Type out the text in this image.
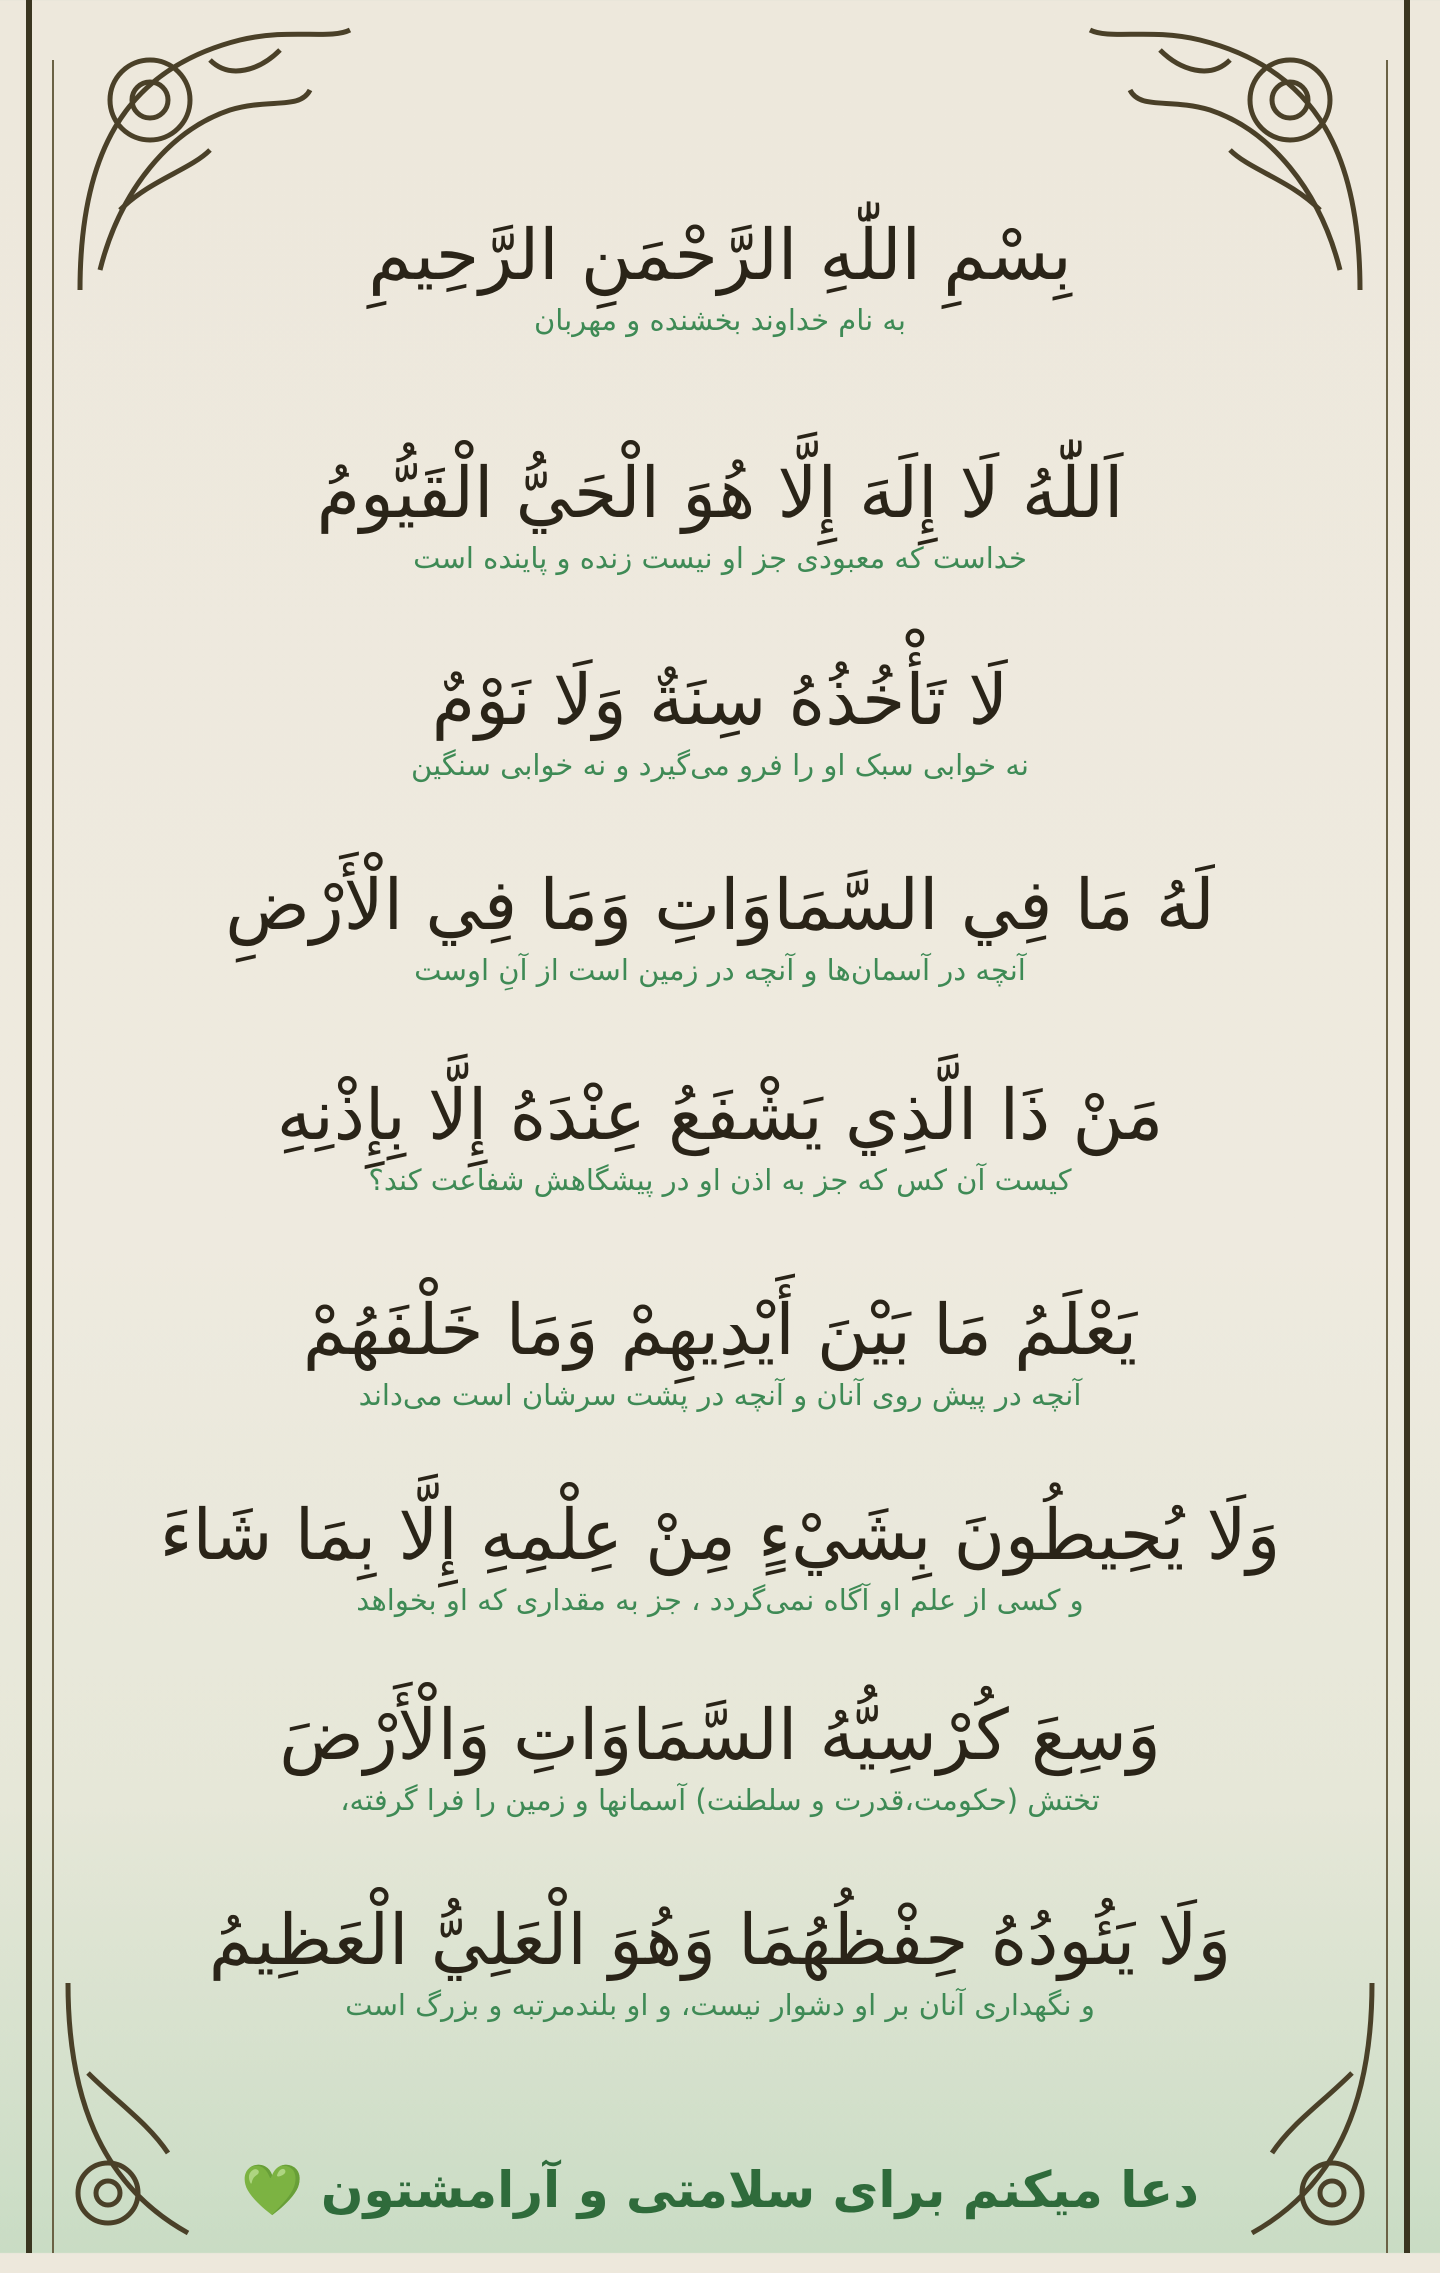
بِسْمِ اللّٰهِ الرَّحْمَنِ الرَّحِيمِ
به نام خداوند بخشنده و مهربان
اَللّٰهُ لَا إِلَهَ إِلَّا هُوَ الْحَيُّ الْقَيُّومُ
خداست که معبودی جز او نیست زنده و پاینده است
لَا تَأْخُذُهُ سِنَةٌ وَلَا نَوْمٌ
نه خوابی سبک او را فرو می‌گیرد و نه خوابی سنگین
لَهُ مَا فِي السَّمَاوَاتِ وَمَا فِي الْأَرْضِ
آنچه در آسمان‌ها و آنچه در زمین است از آنِ اوست
مَنْ ذَا الَّذِي يَشْفَعُ عِنْدَهُ إِلَّا بِإِذْنِهِ
کیست آن کس که جز به اذن او در پیشگاهش شفاعت کند؟
يَعْلَمُ مَا بَيْنَ أَيْدِيهِمْ وَمَا خَلْفَهُمْ
آنچه در پیش روی آنان و آنچه در پشت سرشان است می‌داند
وَلَا يُحِيطُونَ بِشَيْءٍ مِنْ عِلْمِهِ إِلَّا بِمَا شَاءَ
و کسی از علم او آگاه نمی‌گردد ، جز به مقداری که او بخواهد
وَسِعَ كُرْسِيُّهُ السَّمَاوَاتِ وَالْأَرْضَ
تختش (حکومت،قدرت و سلطنت) آسمانها و زمین را فرا گرفته،
وَلَا يَئُودُهُ حِفْظُهُمَا وَهُوَ الْعَلِيُّ الْعَظِيمُ
و نگهداری آنان بر او دشوار نیست، و او بلندمرتبه و بزرگ است
دعا میکنم برای سلامتی و آرامشتون 💚
